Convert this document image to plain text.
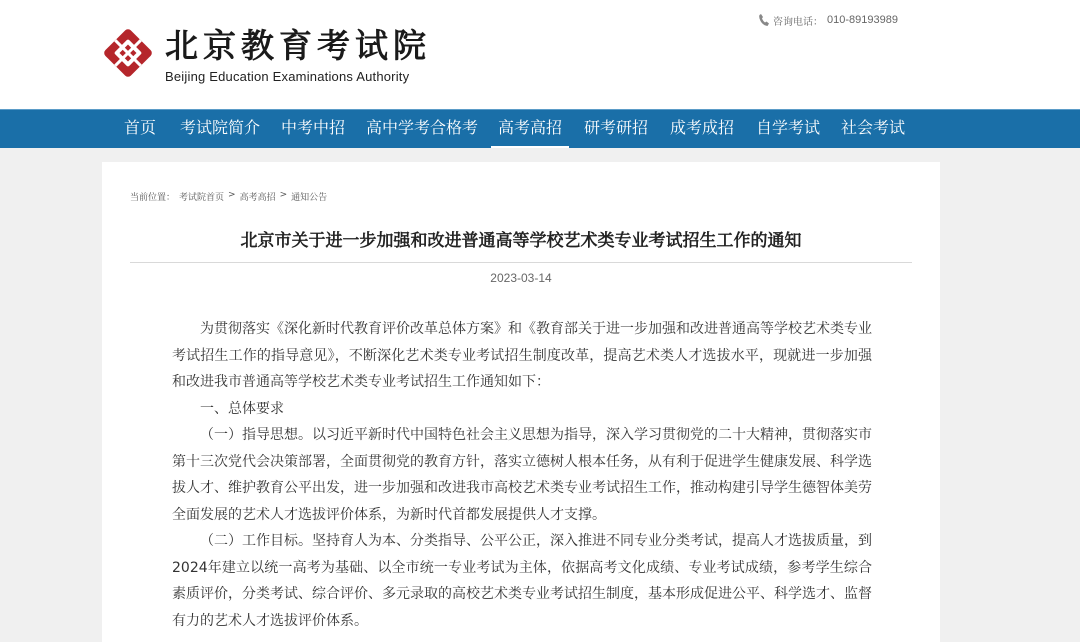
北京教育考试院
Beijing Education Examinations Authority
咨询电话： 010-89193989
首页	考试院简介	中考中招	高中学考合格考	高考高招	研考研招	成考成招	自学考试	社会考试
当前位置： 考试院首页 > 高考高招 > 通知公告
北京市关于进一步加强和改进普通高等学校艺术类专业考试招生工作的通知
2023-03-14

为贯彻落实《深化新时代教育评价改革总体方案》和《教育部关于进一步加强和改进普通高等学校艺术类专业考试招生工作的指导意见》，不断深化艺术类专业考试招生制度改革，提高艺术类人才选拔水平，现就进一步加强和改进我市普通高等学校艺术类专业考试招生工作通知如下：

一、总体要求

（一）指导思想。以习近平新时代中国特色社会主义思想为指导，深入学习贯彻党的二十大精神，贯彻落实市第十三次党代会决策部署，全面贯彻党的教育方针，落实立德树人根本任务，从有利于促进学生健康发展、科学选拔人才、维护教育公平出发，进一步加强和改进我市高校艺术类专业考试招生工作，推动构建引导学生德智体美劳全面发展的艺术人才选拔评价体系，为新时代首都发展提供人才支撑。

（二）工作目标。坚持育人为本、分类指导、公平公正，深入推进不同专业分类考试，提高人才选拔质量，到2024年建立以统一高考为基础、以全市统一专业考试为主体，依据高考文化成绩、专业考试成绩，参考学生综合素质评价，分类考试、综合评价、多元录取的高校艺术类专业考试招生制度，基本形成促进公平、科学选才、监督有力的艺术人才选拔评价体系。
